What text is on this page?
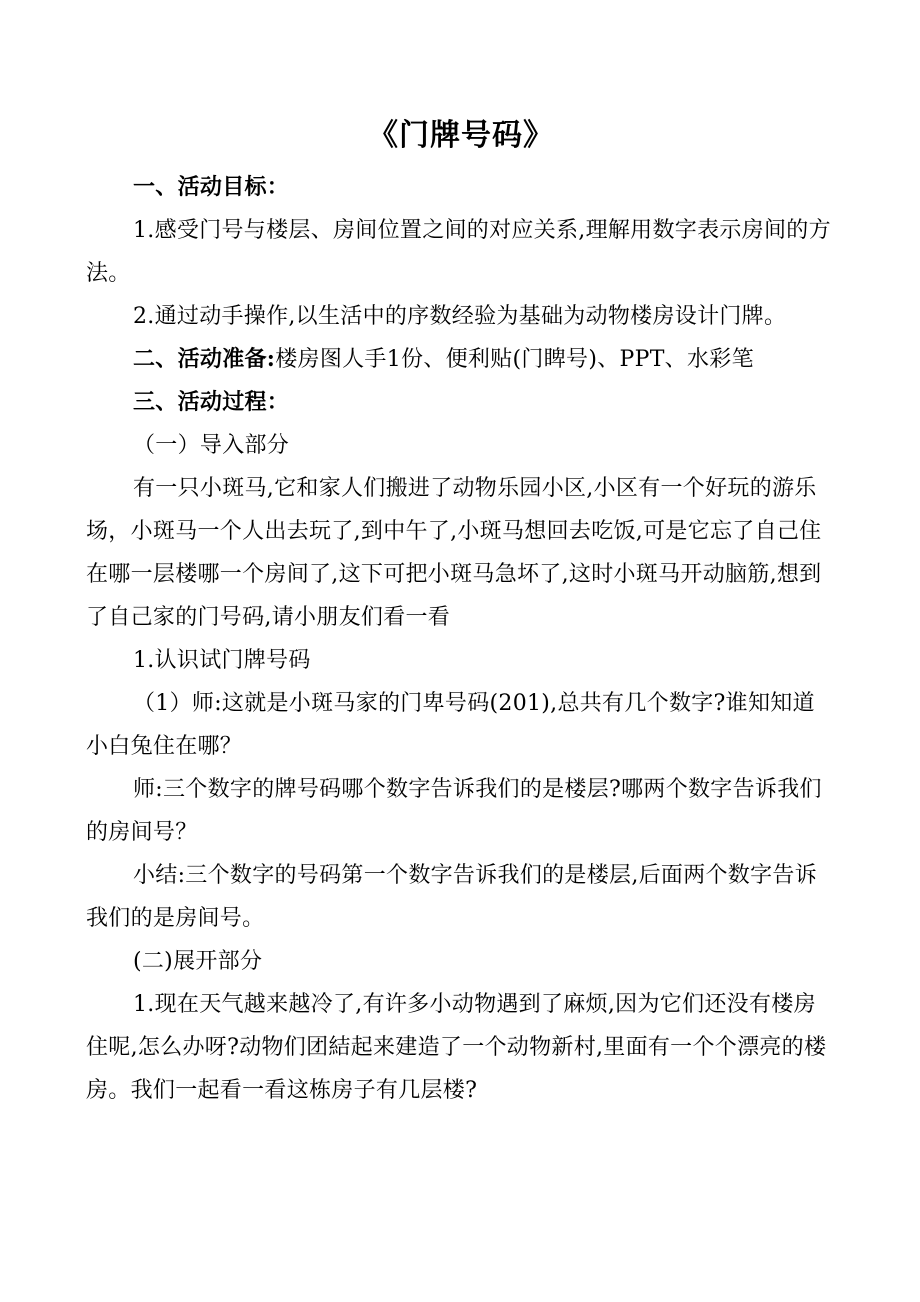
《门牌号码》

一、活动目标：

1.感受门号与楼层、房间位置之间的对应关系,理解用数字表示房间的方法。

2.通过动手操作,以生活中的序数经验为基础为动物楼房设计门牌。

二、活动准备:楼房图人手1份、便利贴(门睥号)、PPT、水彩笔

三、活动过程：

（一）导入部分

有一只小斑马,它和家人们搬进了动物乐园小区,小区有一个好玩的游乐场，小斑马一个人出去玩了,到中午了,小斑马想回去吃饭,可是它忘了自己住在哪一层楼哪一个房间了,这下可把小斑马急坏了,这时小斑马开动脑筋,想到了自己家的门号码,请小朋友们看一看

1.认识试门牌号码

（1）师:这就是小斑马家的门卑号码(201),总共有几个数字?谁知知道小白兔住在哪？

师:三个数字的牌号码哪个数字告诉我们的是楼层?哪两个数字告诉我们的房间号？

小结:三个数字的号码第一个数字告诉我们的是楼层,后面两个数字告诉我们的是房间号。

(二)展开部分

1.现在天气越来越冷了,有许多小动物遇到了麻烦,因为它们还没有楼房住呢,怎么办呀?动物们团結起来建造了一个动物新村,里面有一个个漂亮的楼房。我们一起看一看这栋房子有几层楼?
